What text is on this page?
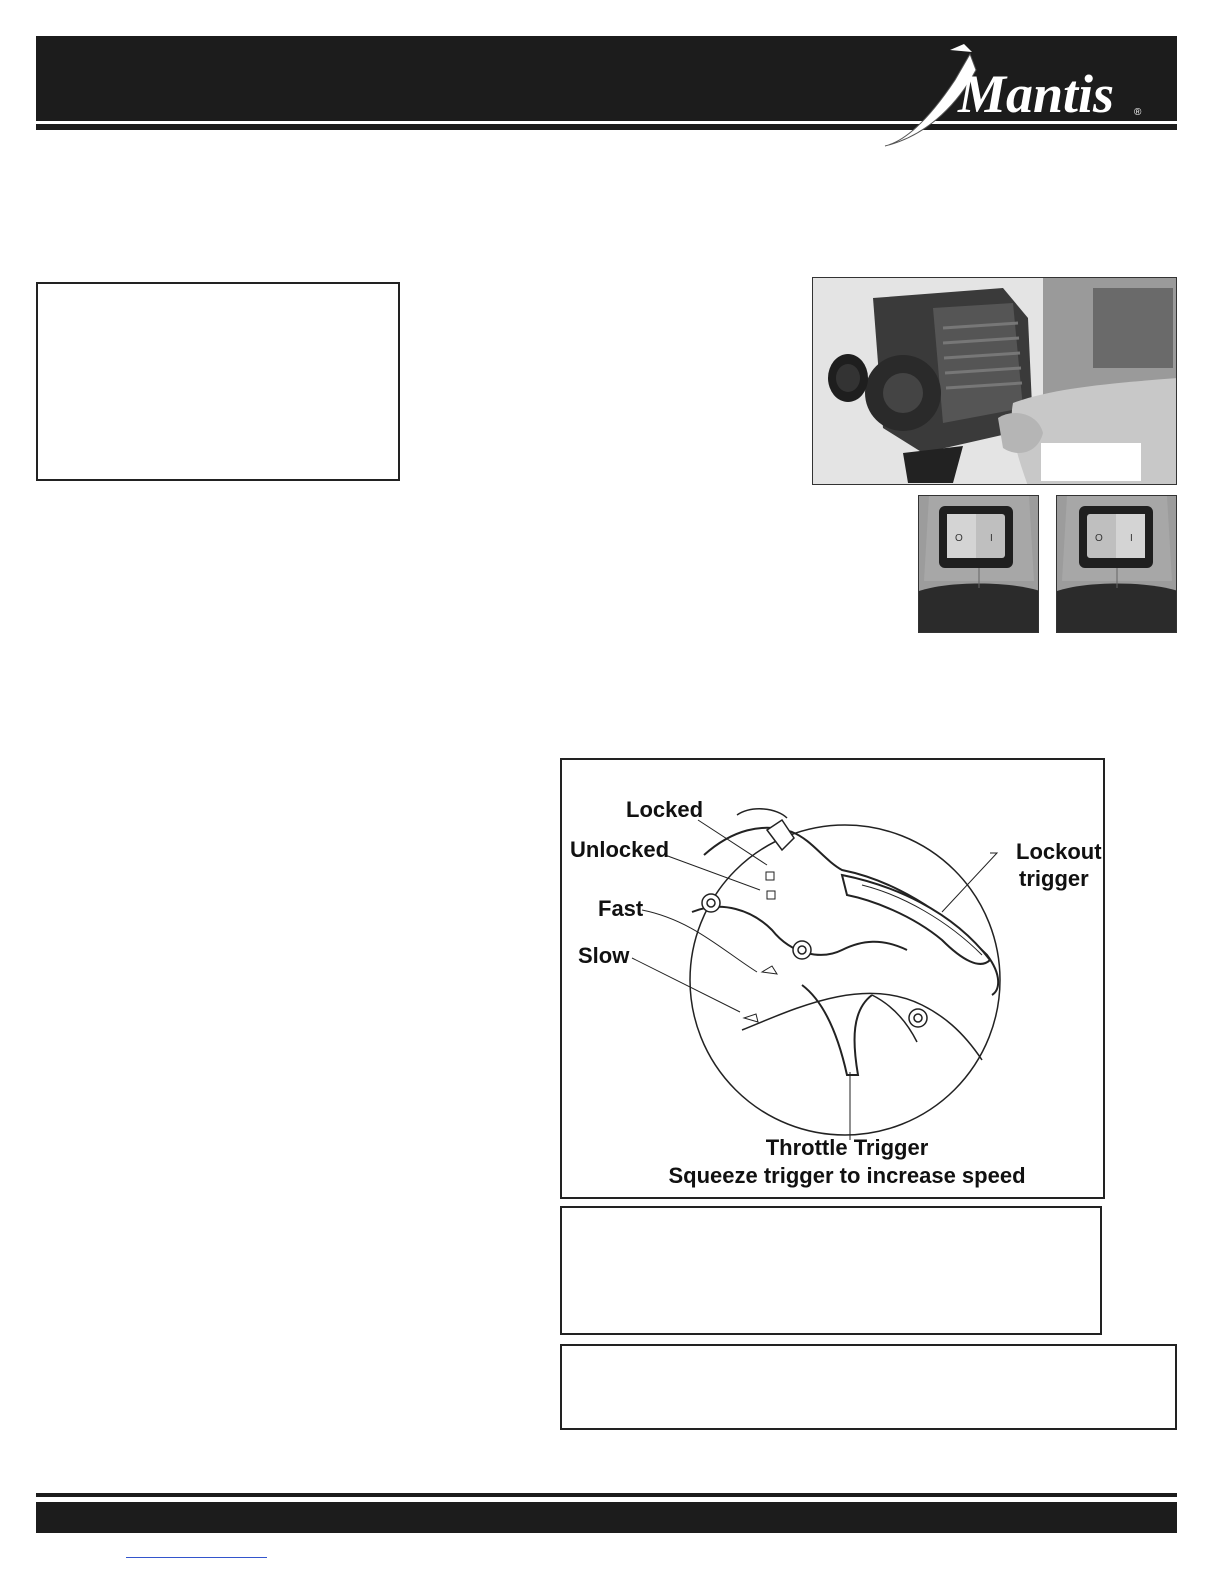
Mantis ®
O	I	O	I
Locked
Unlocked
Fast
Slow
Lockout
trigger
Throttle Trigger
Squeeze trigger to increase speed
